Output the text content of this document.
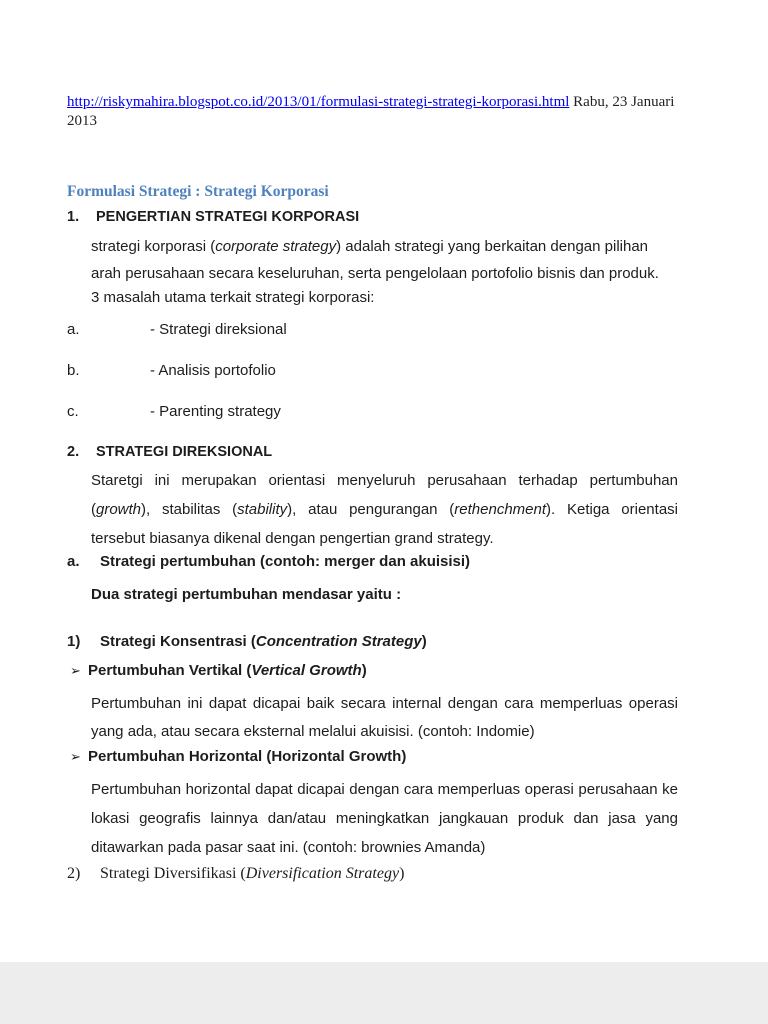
http://riskymahira.blogspot.co.id/2013/01/formulasi-strategi-strategi-korporasi.html Rabu, 23 Januari 2013
Formulasi Strategi : Strategi Korporasi
1.	PENGERTIAN STRATEGI KORPORASI
strategi korporasi (corporate strategy) adalah strategi yang berkaitan dengan pilihan arah perusahaan secara keseluruhan, serta pengelolaan portofolio bisnis dan produk.
3 masalah utama terkait strategi korporasi:
a.	- Strategi direksional
b.	- Analisis portofolio
c.	- Parenting strategy
2.	STRATEGI DIREKSIONAL
Staretgi ini merupakan orientasi menyeluruh perusahaan terhadap pertumbuhan (growth), stabilitas (stability), atau pengurangan (rethenchment). Ketiga orientasi tersebut biasanya dikenal dengan pengertian grand strategy.
a.	Strategi pertumbuhan (contoh: merger dan akuisisi)
Dua strategi pertumbuhan mendasar yaitu :
1)	Strategi Konsentrasi (Concentration Strategy)
➢ Pertumbuhan Vertikal (Vertical Growth)
Pertumbuhan ini dapat dicapai baik secara internal dengan cara memperluas operasi yang ada, atau secara eksternal melalui akuisisi. (contoh: Indomie)
➢ Pertumbuhan Horizontal (Horizontal Growth)
Pertumbuhan horizontal dapat dicapai dengan cara memperluas operasi perusahaan ke lokasi geografis lainnya dan/atau meningkatkan jangkauan produk dan jasa yang ditawarkan pada pasar saat ini. (contoh: brownies Amanda)
2)	Strategi Diversifikasi (Diversification Strategy)
